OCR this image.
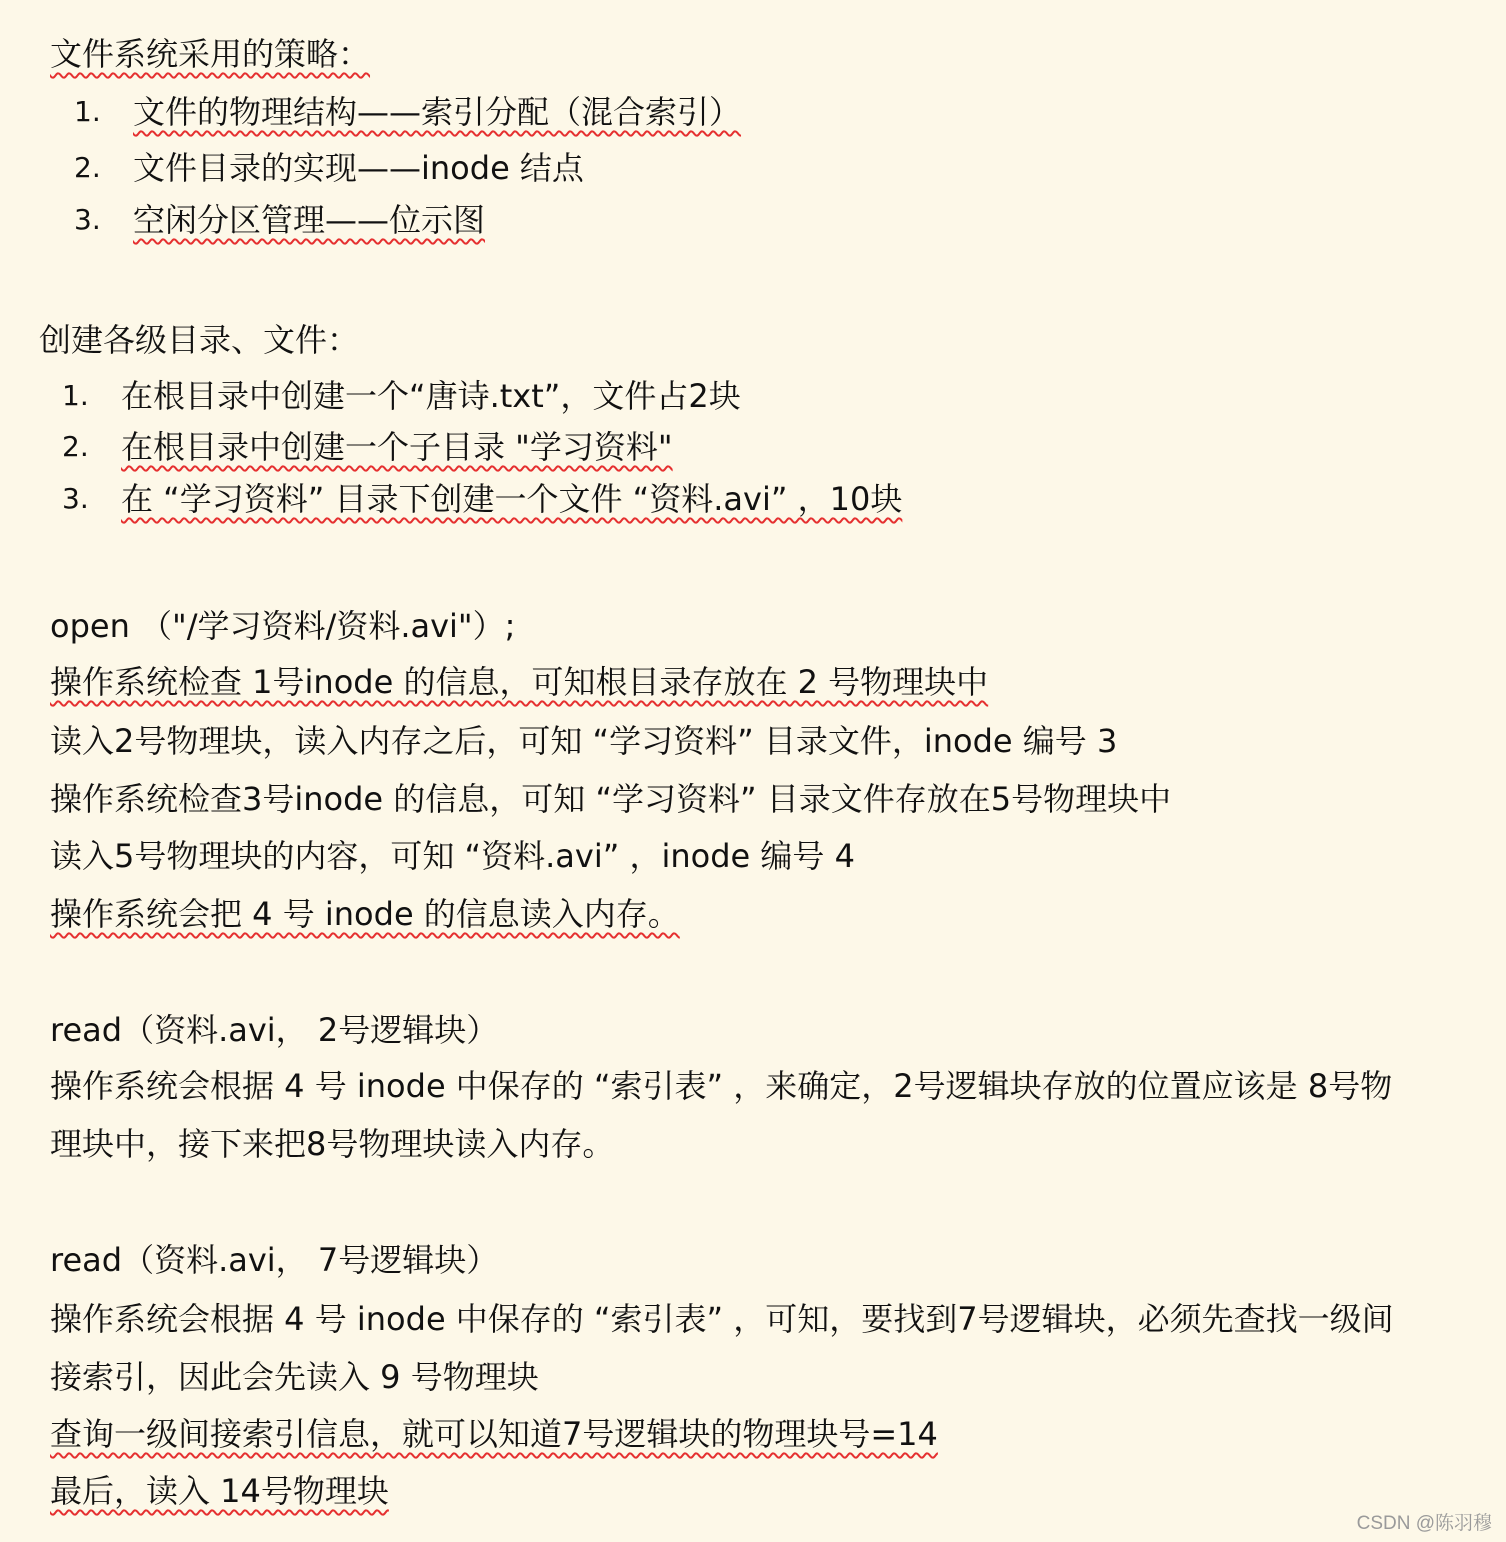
文件系统采用的策略：
1. 文件的物理结构——索引分配（混合索引）
2. 文件目录的实现——inode 结点
3. 空闲分区管理——位示图
创建各级目录、文件：
1. 在根目录中创建一个“唐诗.txt”，文件占2块
2. 在根目录中创建一个子目录 "学习资料"
3. 在 “学习资料” 目录下创建一个文件 “资料.avi” ，10块
open （"/学习资料/资料.avi"）;
操作系统检查 1号inode 的信息，可知根目录存放在 2 号物理块中
读入2号物理块，读入内存之后，可知 “学习资料” 目录文件，inode 编号 3
操作系统检查3号inode 的信息，可知 “学习资料” 目录文件存放在5号物理块中
读入5号物理块的内容，可知 “资料.avi” ，inode 编号 4
操作系统会把 4 号 inode 的信息读入内存。
read（资料.avi， 2号逻辑块）
操作系统会根据 4 号 inode 中保存的 “索引表” ，来确定，2号逻辑块存放的位置应该是 8号物
理块中，接下来把8号物理块读入内存。
read（资料.avi， 7号逻辑块）
操作系统会根据 4 号 inode 中保存的 “索引表” ，可知，要找到7号逻辑块，必须先查找一级间
接索引，因此会先读入 9 号物理块
查询一级间接索引信息，就可以知道7号逻辑块的物理块号=14
最后，读入 14号物理块
CSDN @陈羽穆
